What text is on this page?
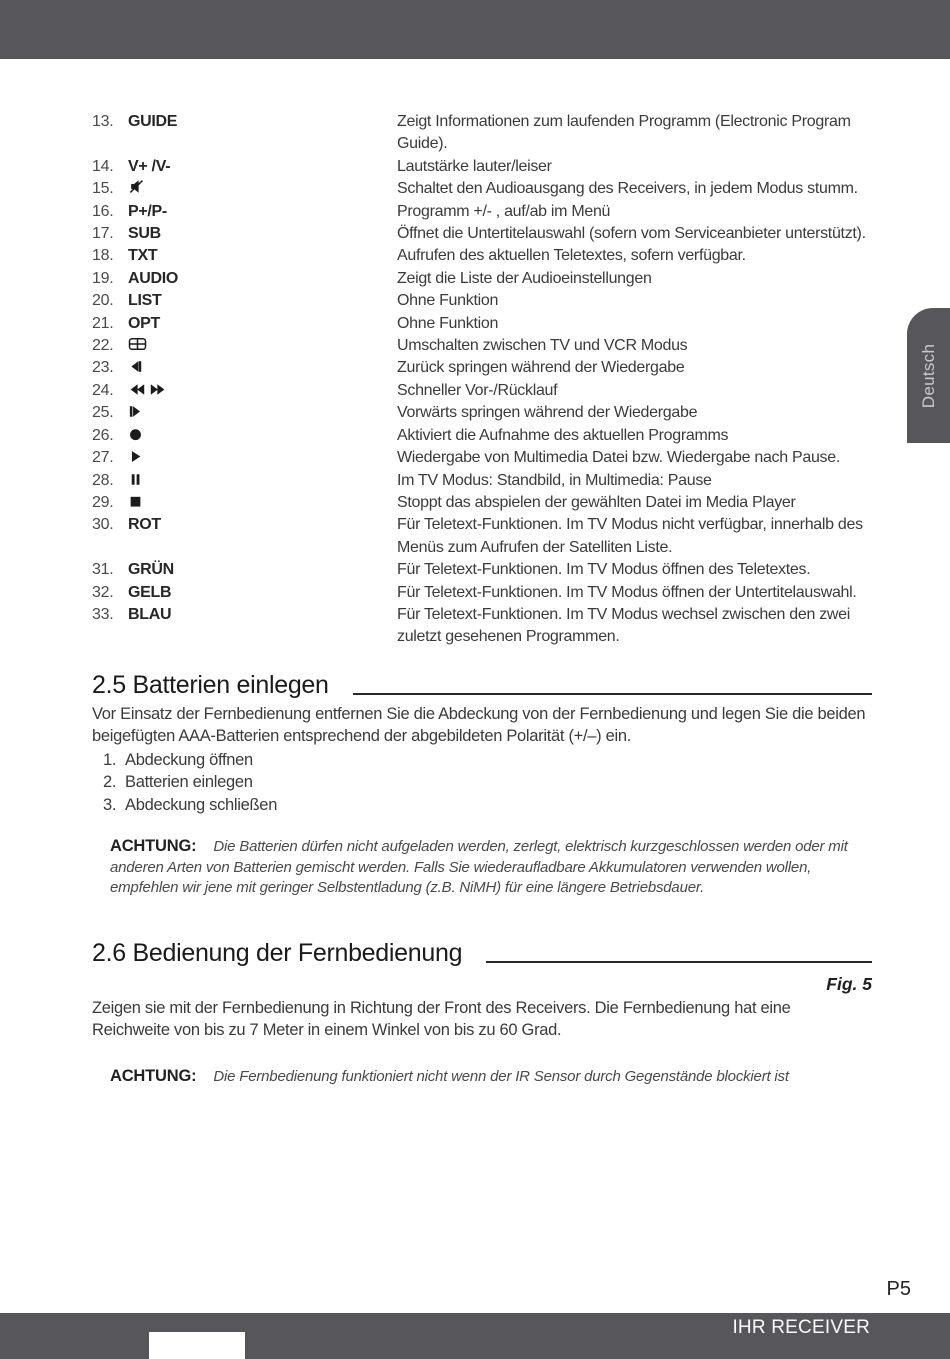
13. GUIDE	Zeigt Informationen zum laufenden Programm (Electronic Program Guide).
14. V+ /V-	Lautstärke lauter/leiser
15.	Schaltet den Audioausgang des Receivers, in jedem Modus stumm.
16. P+/P-	Programm +/- , auf/ab im Menü
17. SUB	Öffnet die Untertitelauswahl (sofern vom Serviceanbieter unterstützt).
18. TXT	Aufrufen des aktuellen Teletextes, sofern verfügbar.
19. AUDIO	Zeigt die Liste der Audioeinstellungen
20. LIST	Ohne Funktion
21. OPT	Ohne Funktion
22.	Umschalten zwischen TV und VCR Modus
23.	Zurück springen während der Wiedergabe
24.	Schneller Vor-/Rücklauf
25.	Vorwärts springen während der Wiedergabe
26.	Aktiviert die Aufnahme des aktuellen Programms
27.	Wiedergabe von Multimedia Datei bzw. Wiedergabe nach Pause.
28.	Im TV Modus: Standbild, in Multimedia: Pause
29.	Stoppt das abspielen der gewählten Datei im Media Player
30. ROT	Für Teletext-Funktionen. Im TV Modus nicht verfügbar, innerhalb des Menüs zum Aufrufen der Satelliten Liste.
31. GRÜN	Für Teletext-Funktionen. Im TV Modus öffnen des Teletextes.
32. GELB	Für Teletext-Funktionen. Im TV Modus öffnen der Untertitelauswahl.
33. BLAU	Für Teletext-Funktionen. Im TV Modus wechsel zwischen den zwei zuletzt gesehenen Programmen.
2.5 Batterien einlegen

Vor Einsatz der Fernbedienung entfernen Sie die Abdeckung von der Fernbedienung und legen Sie die beiden beigefügten AAA-Batterien entsprechend der abgebildeten Polarität (+/–) ein.

1. Abdeckung öffnen
2. Batterien einlegen
3. Abdeckung schließen
ACHTUNG: Die Batterien dürfen nicht aufgeladen werden, zerlegt, elektrisch kurzgeschlossen werden oder mit anderen Arten von Batterien gemischt werden. Falls Sie wiederaufladbare Akkumulatoren verwenden wollen, empfehlen wir jene mit geringer Selbstentladung (z.B. NiMH) für eine längere Betriebsdauer.
2.6 Bedienung der Fernbedienung
Fig. 5

Zeigen sie mit der Fernbedienung in Richtung der Front des Receivers. Die Fernbedienung hat eine Reichweite von bis zu 7 Meter in einem Winkel von bis zu 60 Grad.

ACHTUNG: Die Fernbedienung funktioniert nicht wenn der IR Sensor durch Gegenstände blockiert ist
P5
Deutsch
IHR RECEIVER
